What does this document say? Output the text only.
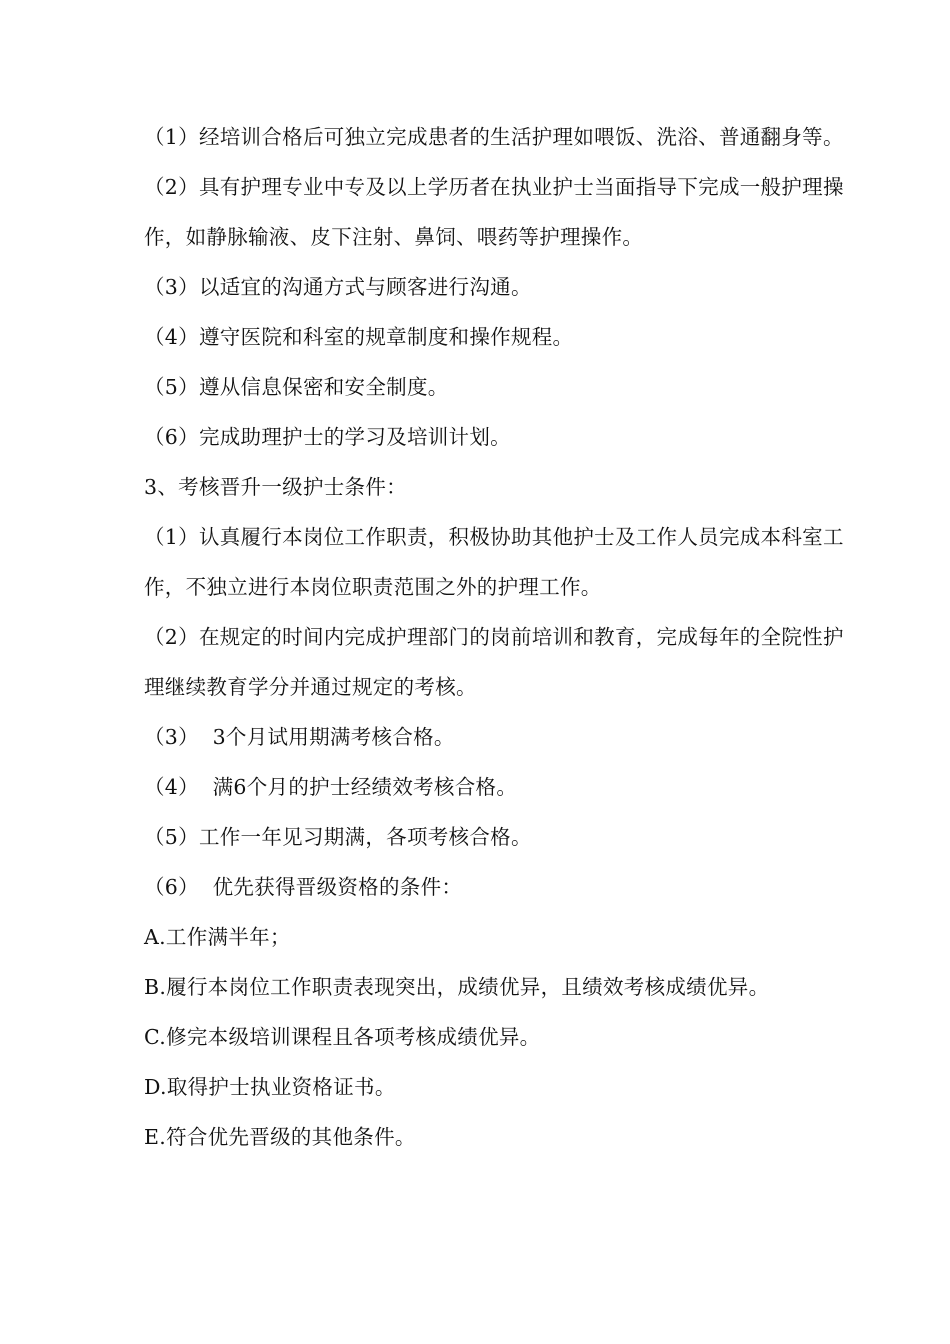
（1）经培训合格后可独立完成患者的生活护理如喂饭、洗浴、普通翻身等。

（2）具有护理专业中专及以上学历者在执业护士当面指导下完成一般护理操作，如静脉输液、皮下注射、鼻饲、喂药等护理操作。

（3）以适宜的沟通方式与顾客进行沟通。

（4）遵守医院和科室的规章制度和操作规程。

（5）遵从信息保密和安全制度。

（6）完成助理护士的学习及培训计划。

3、考核晋升一级护士条件：

（1）认真履行本岗位工作职责，积极协助其他护士及工作人员完成本科室工作，不独立进行本岗位职责范围之外的护理工作。

（2）在规定的时间内完成护理部门的岗前培训和教育，完成每年的全院性护理继续教育学分并通过规定的考核。

（3）  3个月试用期满考核合格。

（4）  满6个月的护士经绩效考核合格。

（5）工作一年见习期满，各项考核合格。

（6）  优先获得晋级资格的条件：

A.工作满半年；

B.履行本岗位工作职责表现突出，成绩优异，且绩效考核成绩优异。

C.修完本级培训课程且各项考核成绩优异。

D.取得护士执业资格证书。

E.符合优先晋级的其他条件。
